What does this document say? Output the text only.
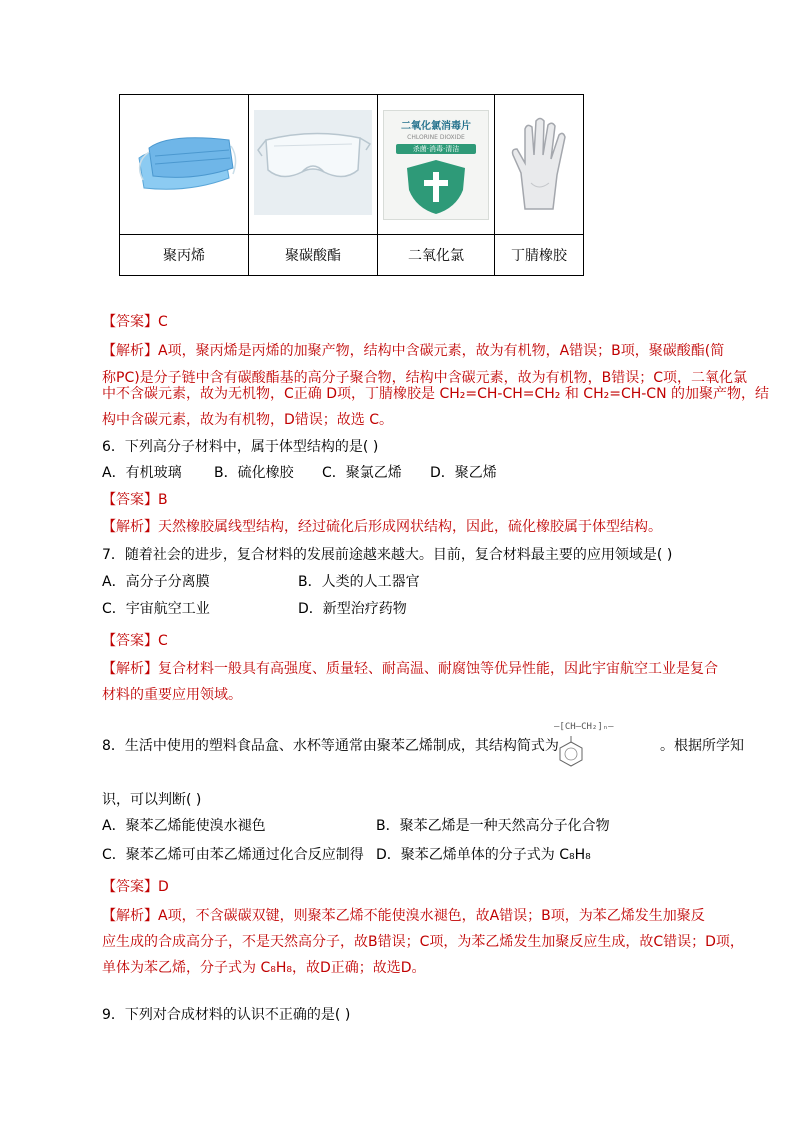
二氧化氯消毒片
CHLORINE DIOXIDE
杀菌·消毒·清洁

聚丙烯	聚碳酸酯	二氧化氯	丁腈橡胶
【答案】C
【解析】A项，聚丙烯是丙烯的加聚产物，结构中含碳元素，故为有机物，A错误；B项，聚碳酸酯(简
称PC)是分子链中含有碳酸酯基的高分子聚合物，结构中含碳元素，故为有机物，B错误；C项，二氧化氯
中不含碳元素，故为无机物，C正确 D项，丁腈橡胶是 CH₂=CH-CH=CH₂ 和 CH₂=CH-CN 的加聚产物，结
构中含碳元素，故为有机物，D错误；故选 C。
6．下列高分子材料中，属于体型结构的是( )
A．有机玻璃 B．硫化橡胶 C．聚氯乙烯 D．聚乙烯
【答案】B
【解析】天然橡胶属线型结构，经过硫化后形成网状结构，因此，硫化橡胶属于体型结构。
7．随着社会的进步，复合材料的发展前途越来越大。目前，复合材料最主要的应用领域是( )
A．高分子分离膜	B．人类的人工器官
C．宇宙航空工业	D．新型治疗药物
【答案】C
【解析】复合材料一般具有高强度、质量轻、耐高温、耐腐蚀等优异性能，因此宇宙航空工业是复合
材料的重要应用领域。
8．生活中使用的塑料食品盒、水杯等通常由聚苯乙烯制成，其结构简式为
—[CH—CH₂]ₙ—
。根据所学知
识，可以判断( )
A．聚苯乙烯能使溴水褪色	B．聚苯乙烯是一种天然高分子化合物
C．聚苯乙烯可由苯乙烯通过化合反应制得 D．聚苯乙烯单体的分子式为 C₈H₈
【答案】D
【解析】A项，不含碳碳双键，则聚苯乙烯不能使溴水褪色，故A错误；B项，为苯乙烯发生加聚反
应生成的合成高分子，不是天然高分子，故B错误；C项，为苯乙烯发生加聚反应生成，故C错误；D项，
单体为苯乙烯，分子式为 C₈H₈，故D正确；故选D。
9．下列对合成材料的认识不正确的是( )
